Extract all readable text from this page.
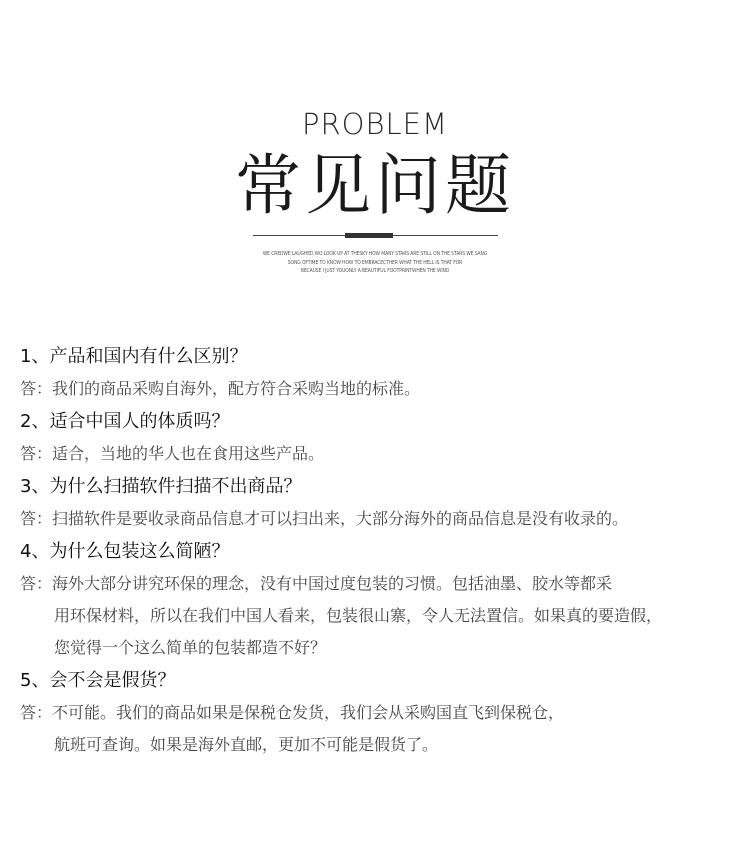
PROBLEM
常见问题
WE CREDWE LAUGHED WO LOOK UP AT THESKY HOW MANY STARS ARE STILL ON THE STARS WE SANG
SONG OFTIME TO KNOW HOW TO EMBRACECTHER WHAT THE HELL IS THAT FOR
BECAUSE I JUST YOUONLY A BEAUTIFUL FOOTPRINTWHEN THE WIND
1、产品和国内有什么区别？
答：我们的商品采购自海外，配方符合采购当地的标准。
2、适合中国人的体质吗？
答：适合，当地的华人也在食用这些产品。
3、为什么扫描软件扫描不出商品？
答：扫描软件是要收录商品信息才可以扫出来，大部分海外的商品信息是没有收录的。
4、为什么包装这么简陋？
答：海外大部分讲究环保的理念，没有中国过度包装的习惯。包括油墨、胶水等都采
用环保材料，所以在我们中国人看来，包装很山寨，令人无法置信。如果真的要造假，
您觉得一个这么简单的包装都造不好？
5、会不会是假货？
答：不可能。我们的商品如果是保税仓发货，我们会从采购国直飞到保税仓，
航班可查询。如果是海外直邮，更加不可能是假货了。
